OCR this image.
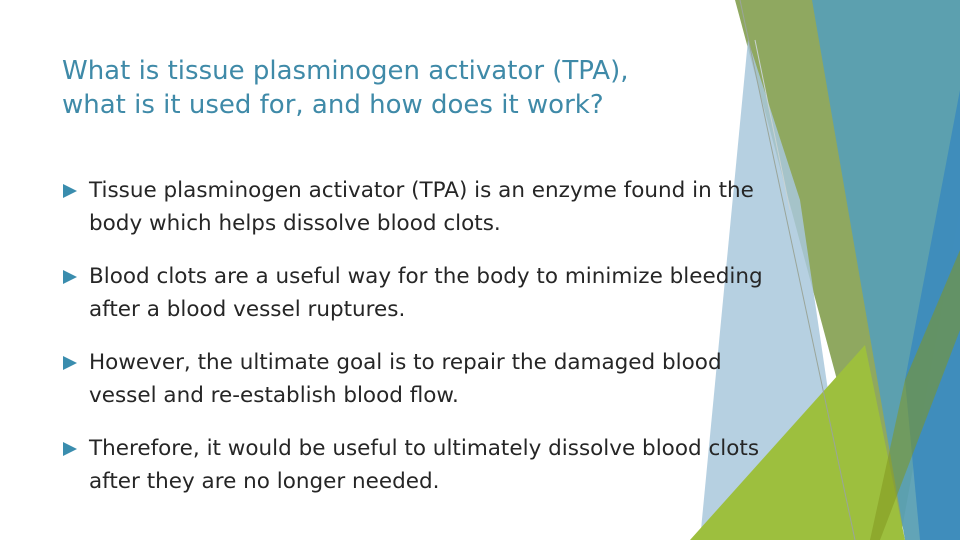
What is tissue plasminogen activator (TPA),
what is it used for, and how does it work?
Tissue plasminogen activator (TPA) is an enzyme found in the body which helps dissolve blood clots.
Blood clots are a useful way for the body to minimize bleeding after a blood vessel ruptures.
However, the ultimate goal is to repair the damaged blood vessel and re-establish blood flow.
Therefore, it would be useful to ultimately dissolve blood clots after they are no longer needed.
